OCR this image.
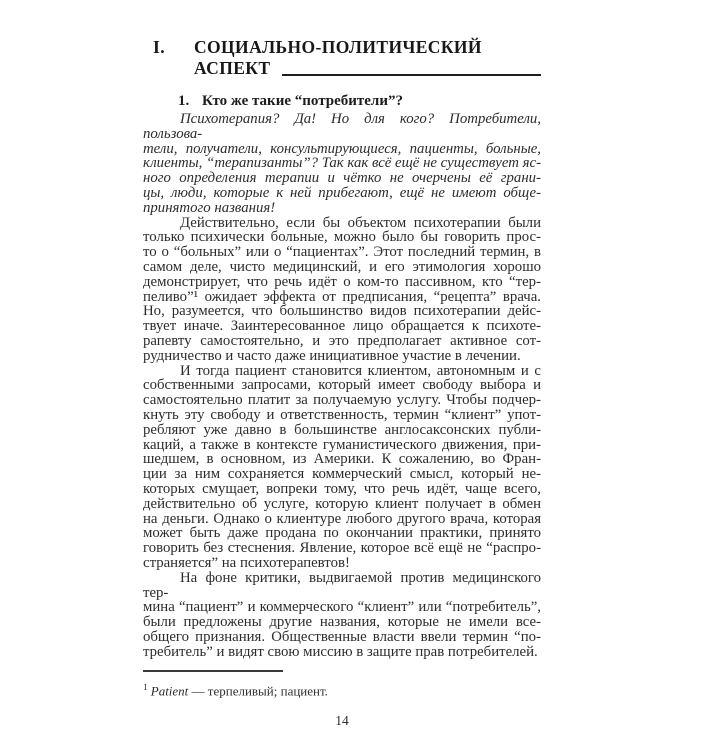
I.	СОЦИАЛЬНО-ПОЛИТИЧЕСКИЙ
АСПЕКТ
1. Кто же такие “потребители”?
Психотерапия? Да! Но для кого? Потребители, пользова-
тели, получатели, консультирующиеся, пациенты, больные,
клиенты, “терапизанты”? Так как всё ещё не существует яс-
ного определения терапии и чётко не очерчены её грани-
цы, люди, которые к ней прибегают, ещё не имеют обще-
принятого названия!
Действительно, если бы объектом психотерапии были
только психически больные, можно было бы говорить прос-
то о “больных” или о “пациентах”. Этот последний термин, в
самом деле, чисто медицинский, и его этимология хорошо
демонстрирует, что речь идёт о ком-то пассивном, кто “тер-
пеливо”¹ ожидает эффекта от предписания, “рецепта” врача.
Но, разумеется, что большинство видов психотерапии дейс-
твует иначе. Заинтересованное лицо обращается к психоте-
рапевту самостоятельно, и это предполагает активное сот-
рудничество и часто даже инициативное участие в лечении.
И тогда пациент становится клиентом, автономным и с
собственными запросами, который имеет свободу выбора и
самостоятельно платит за получаемую услугу. Чтобы подчер-
кнуть эту свободу и ответственность, термин “клиент” упот-
ребляют уже давно в большинстве англосаксонских публи-
каций, а также в контексте гуманистического движения, при-
шедшем, в основном, из Америки. К сожалению, во Фран-
ции за ним сохраняется коммерческий смысл, который не-
которых смущает, вопреки тому, что речь идёт, чаще всего,
действительно об услуге, которую клиент получает в обмен
на деньги. Однако о клиентуре любого другого врача, которая
может быть даже продана по окончании практики, принято
говорить без стеснения. Явление, которое всё ещё не “распро-
страняется” на психотерапевтов!
На фоне критики, выдвигаемой против медицинского тер-
мина “пациент” и коммерческого “клиент” или “потребитель”,
были предложены другие названия, которые не имели все-
общего признания. Общественные власти ввели термин “по-
требитель” и видят свою миссию в защите прав потребителей.
$^1$ Patient — терпеливый; пациент.
14
